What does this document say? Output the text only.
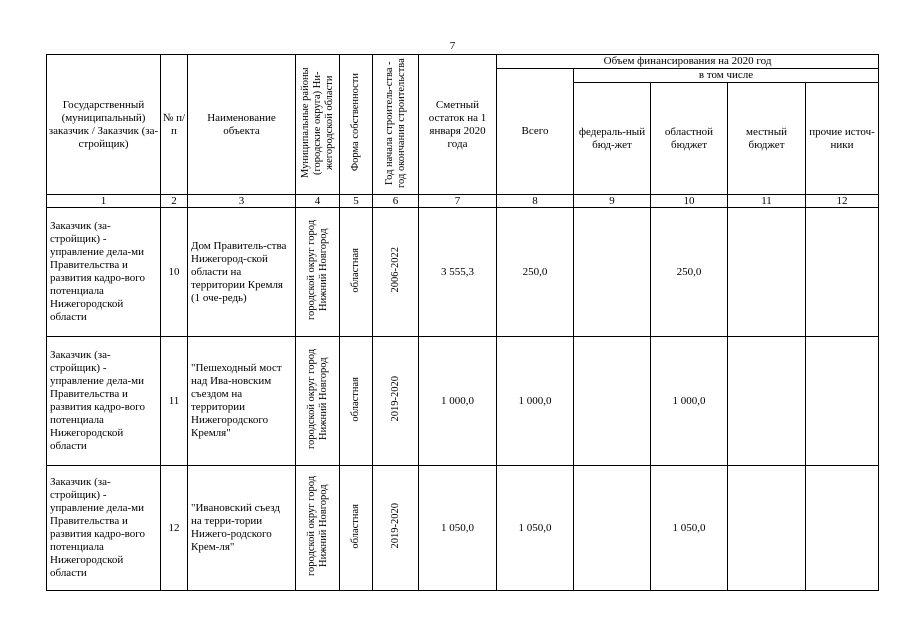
7
Государственный (муниципальный) заказчик / Заказчик (за-стройщик)	№ п/п	Наименование объекта	Муниципальные районы (городские округа) Ни-жегородской области	Форма собственности	Год начала строитель-ства - год окончания строительства	Сметный остаток на 1 января 2020 года	Объем финансирования на 2020 год				
							Всего	в том числе			
								федераль-ный бюд-жет	областной бюджет	местный бюджет	прочие источ-ники
1	2	3	4	5	6	7	8	9	10	11	12
Заказчик (за-стройщик) - управление дела-ми Правительства и развития кадро-вого потенциала Нижегородской области	10	Дом Правитель-ства Нижегород-ской области на территории Кремля (1 оче-редь)	городской округ город Нижний Новгород	областная	2006-2022	3 555,3	250,0		250,0		
Заказчик (за-стройщик) - управление дела-ми Правительства и развития кадро-вого потенциала Нижегородской области	11	"Пешеходный мост над Ива-новским съездом на территории Нижегородского Кремля"	городской округ город Нижний Новгород	областная	2019-2020	1 000,0	1 000,0		1 000,0		
Заказчик (за-стройщик) - управление дела-ми Правительства и развития кадро-вого потенциала Нижегородской области	12	"Ивановский съезд на терри-тории Нижего-родского Крем-ля"	городской округ город Нижний Новгород	областная	2019-2020	1 050,0	1 050,0		1 050,0		
